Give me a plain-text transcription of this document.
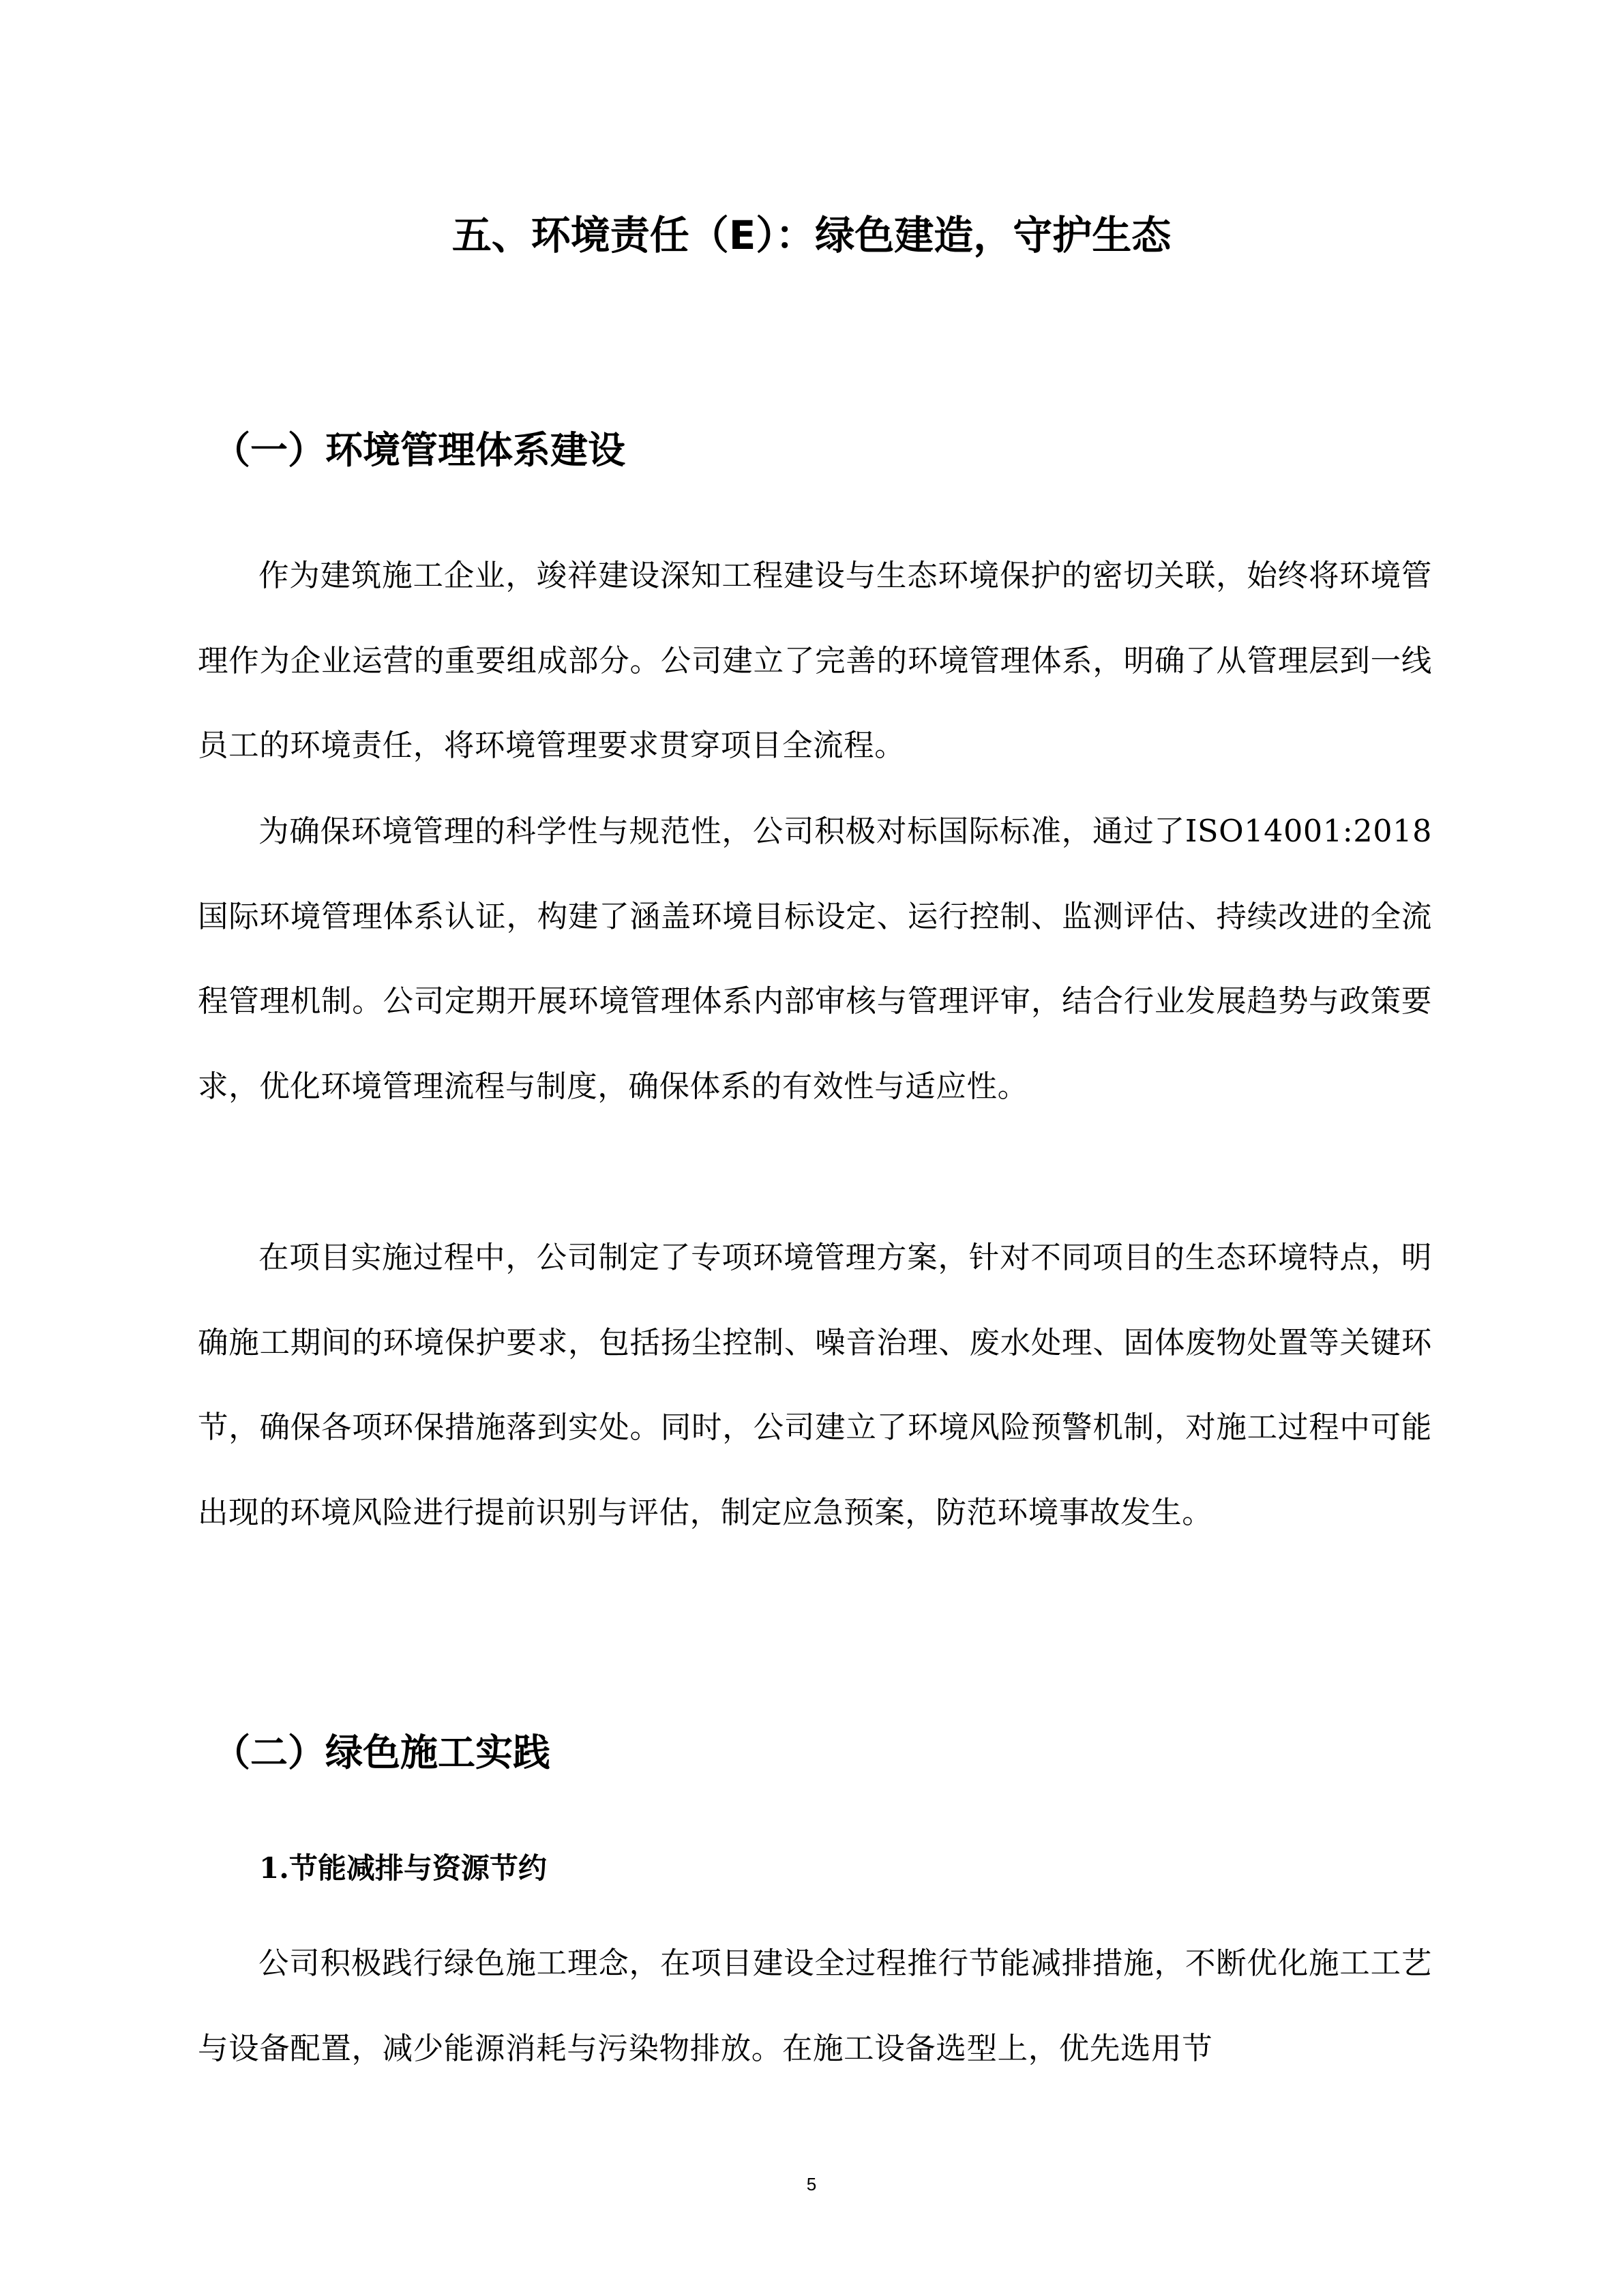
五、环境责任（E）：绿色建造，守护生态
（一）环境管理体系建设
作为建筑施工企业，竣祥建设深知工程建设与生态环境保护的密切关联，始终将环境管理作为企业运营的重要组成部分。公司建立了完善的环境管理体系，明确了从管理层到一线员工的环境责任，将环境管理要求贯穿项目全流程。
为确保环境管理的科学性与规范性，公司积极对标国际标准，通过了ISO14001:2018 国际环境管理体系认证，构建了涵盖环境目标设定、运行控制、监测评估、持续改进的全流程管理机制。公司定期开展环境管理体系内部审核与管理评审，结合行业发展趋势与政策要求，优化环境管理流程与制度，确保体系的有效性与适应性。
在项目实施过程中，公司制定了专项环境管理方案，针对不同项目的生态环境特点，明确施工期间的环境保护要求，包括扬尘控制、噪音治理、废水处理、固体废物处置等关键环节，确保各项环保措施落到实处。同时，公司建立了环境风险预警机制，对施工过程中可能出现的环境风险进行提前识别与评估，制定应急预案，防范环境事故发生。
（二）绿色施工实践
1.节能减排与资源节约
公司积极践行绿色施工理念，在项目建设全过程推行节能减排措施，不断优化施工工艺与设备配置，减少能源消耗与污染物排放。在施工设备选型上，优先选用节
5
